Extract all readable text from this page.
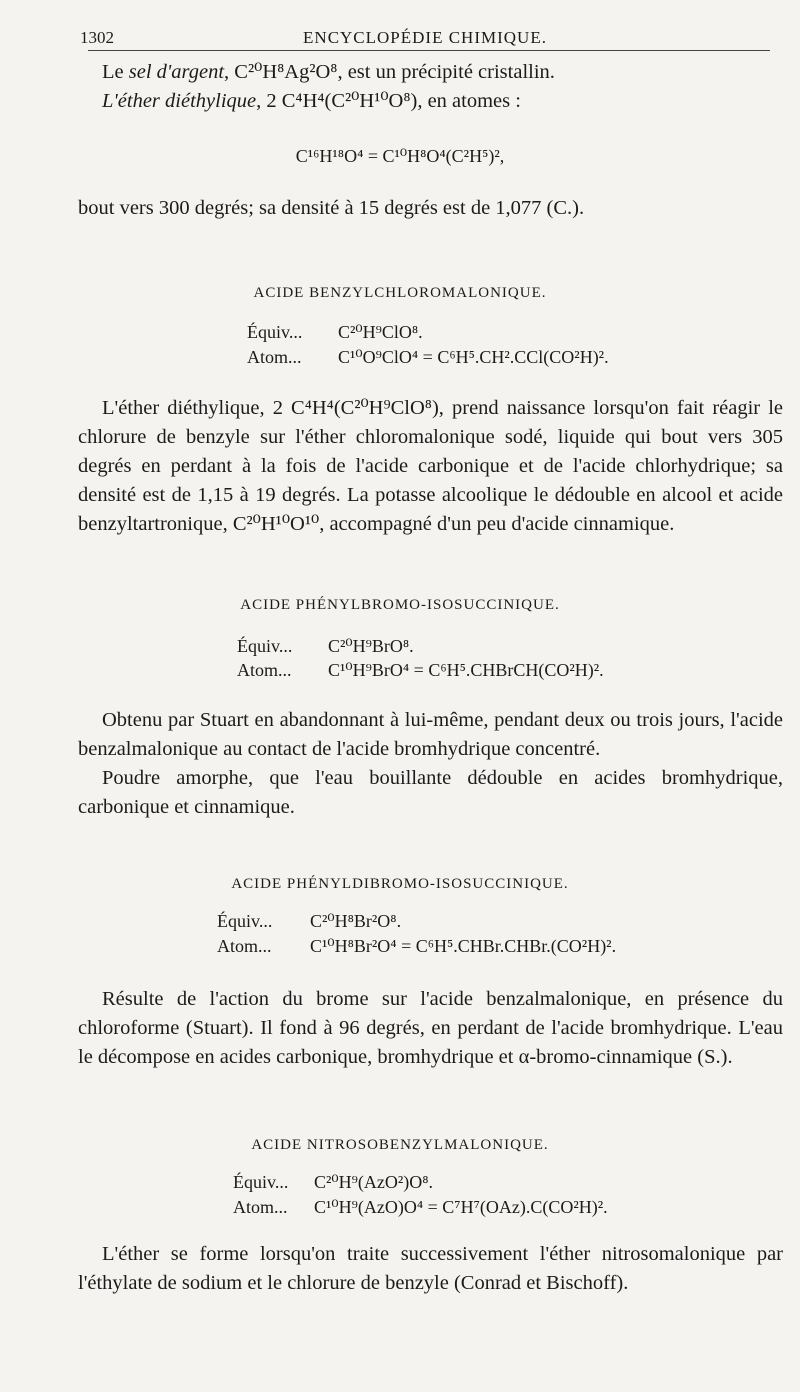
1302	ENCYCLOPÉDIE CHIMIQUE.
Le sel d'argent, C²⁰H⁸Ag²O⁸, est un précipité cristallin.
L'éther diéthylique, 2 C⁴H⁴(C²⁰H¹⁰O⁸), en atomes :
C¹⁶H¹⁸O⁴ = C¹⁰H⁸O⁴(C²H⁵)²,
bout vers 300 degrés; sa densité à 15 degrés est de 1,077 (C.).
ACIDE BENZYLCHLOROMALONIQUE.
Équiv... C²⁰H⁹ClO⁸.
Atom... C¹⁰O⁹ClO⁴ = C⁶H⁵.CH².CCl(CO²H)².
L'éther diéthylique, 2 C⁴H⁴(C²⁰H⁹ClO⁸), prend naissance lorsqu'on fait réagir le chlorure de benzyle sur l'éther chloromalonique sodé, liquide qui bout vers 305 degrés en perdant à la fois de l'acide carbonique et de l'acide chlorhydrique; sa densité est de 1,15 à 19 degrés. La potasse alcoolique le dédouble en alcool et acide benzyltartronique, C²⁰H¹⁰O¹⁰, accompagné d'un peu d'acide cinnamique.
ACIDE PHÉNYLBROMO-ISOSUCCINIQUE.
Équiv... C²⁰H⁹BrO⁸.
Atom... C¹⁰H⁹BrO⁴ = C⁶H⁵.CHBrCH(CO²H)².
Obtenu par Stuart en abandonnant à lui-même, pendant deux ou trois jours, l'acide benzalmalonique au contact de l'acide bromhydrique concentré.
Poudre amorphe, que l'eau bouillante dédouble en acides bromhydrique, carbonique et cinnamique.
ACIDE PHÉNYLDIBROMO-ISOSUCCINIQUE.
Équiv... C²⁰H⁸Br²O⁸.
Atom... C¹⁰H⁸Br²O⁴ = C⁶H⁵.CHBr.CHBr.(CO²H)².
Résulte de l'action du brome sur l'acide benzalmalonique, en présence du chloroforme (Stuart). Il fond à 96 degrés, en perdant de l'acide bromhydrique. L'eau le décompose en acides carbonique, bromhydrique et α-bromo-cinnamique (S.).
ACIDE NITROSOBENZYLMALONIQUE.
Équiv... C²⁰H⁹(AzO²)O⁸.
Atom... C¹⁰H⁹(AzO)O⁴ = C⁷H⁷(OAz).C(CO²H)².
L'éther se forme lorsqu'on traite successivement l'éther nitrosomalonique par l'éthylate de sodium et le chlorure de benzyle (Conrad et Bischoff).
